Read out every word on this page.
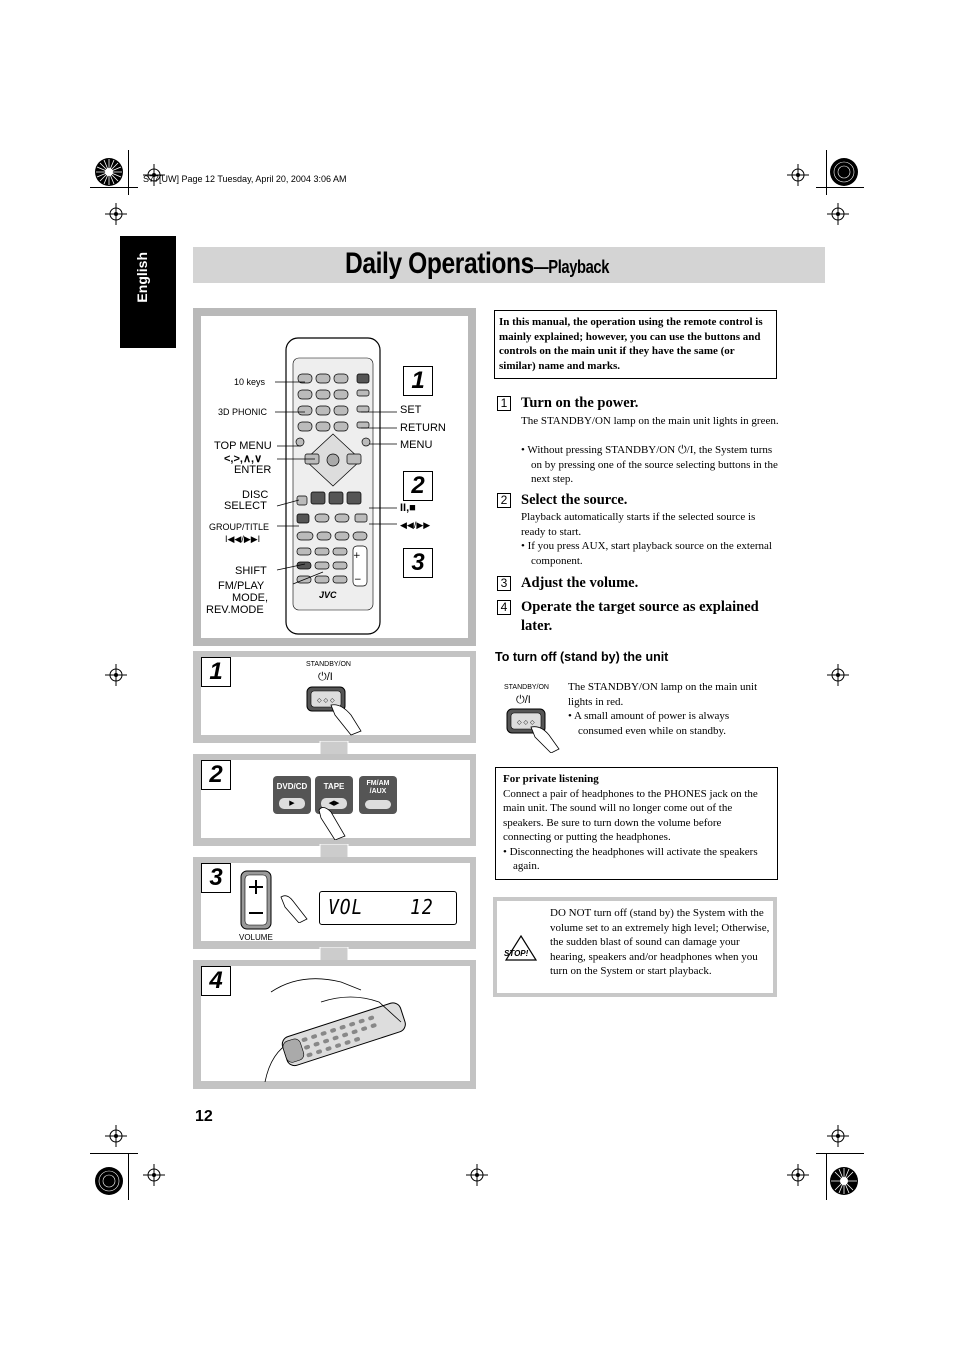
S77[UW] Page 12 Tuesday, April 20, 2004 3:06 AM
English	Daily Operations—Playback
+
−
JVC
10 keys
3D PHONIC
TOP MENU
<,>,∧,∨
ENTER
DISC
SELECT
GROUP/TITLE
I◀◀/▶▶I
SHIFT
FM/PLAY
MODE,
REV.MODE
SET
RETURN
MENU
II,■
◀◀/▶▶
1
2
3
1	STANDBY/ON
⏻/I
◇ ◇ ◇
2	DVD/CD
▶
TAPE
◀▶
FM/AM
/AUX
3
VOLUME
VOL    12
4
In this manual, the operation using the remote control is mainly explained; however, you can use the buttons and controls on the main unit if they have the same (or similar) name and marks.
1 Turn on the power.
The STANDBY/ON lamp on the main unit lights in green.
• Without pressing STANDBY/ON ⏻/I, the System turns on by pressing one of the source selecting buttons in the next step.
2 Select the source.
Playback automatically starts if the selected source is ready to start.
• If you press AUX, start playback source on the external component.
3 Adjust the volume.
4 Operate the target source as explained later.
To turn off (stand by) the unit
STANDBY/ON
⏻/I
◇ ◇ ◇
The STANDBY/ON lamp on the main unit lights in red.
• A small amount of power is always consumed even while on standby.
For private listening
Connect a pair of headphones to the PHONES jack on the main unit. The sound will no longer come out of the speakers. Be sure to turn down the volume before connecting or putting the headphones.
• Disconnecting the headphones will activate the speakers again.
STOP!
DO NOT turn off (stand by) the System with the volume set to an extremely high level; Otherwise, the sudden blast of sound can damage your hearing, speakers and/or headphones when you turn on the System or start playback.
12
